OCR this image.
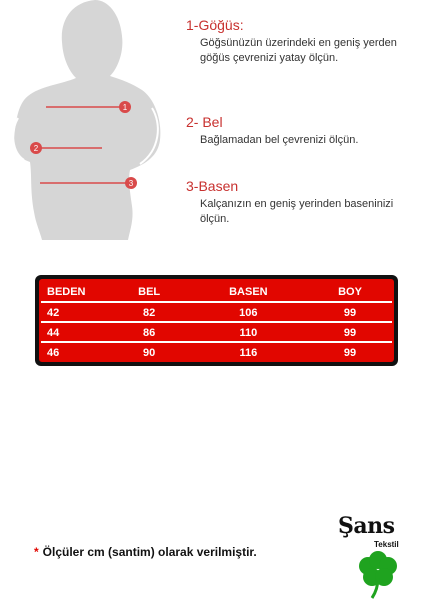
1
2
3
1-Göğüs:
Göğsünüzün üzerindeki en geniş yerden göğüs çevrenizi yatay ölçün.
2- Bel
Bağlamadan bel çevrenizi ölçün.
3-Basen
Kalçanızın en geniş yerinden baseninizi ölçün.
BEDEN	BEL	BASEN	BOY
42	82	106	99
44	86	110	99
46	90	116	99
* Ölçüler cm (santim) olarak verilmiştir.
Şans
Tekstil
